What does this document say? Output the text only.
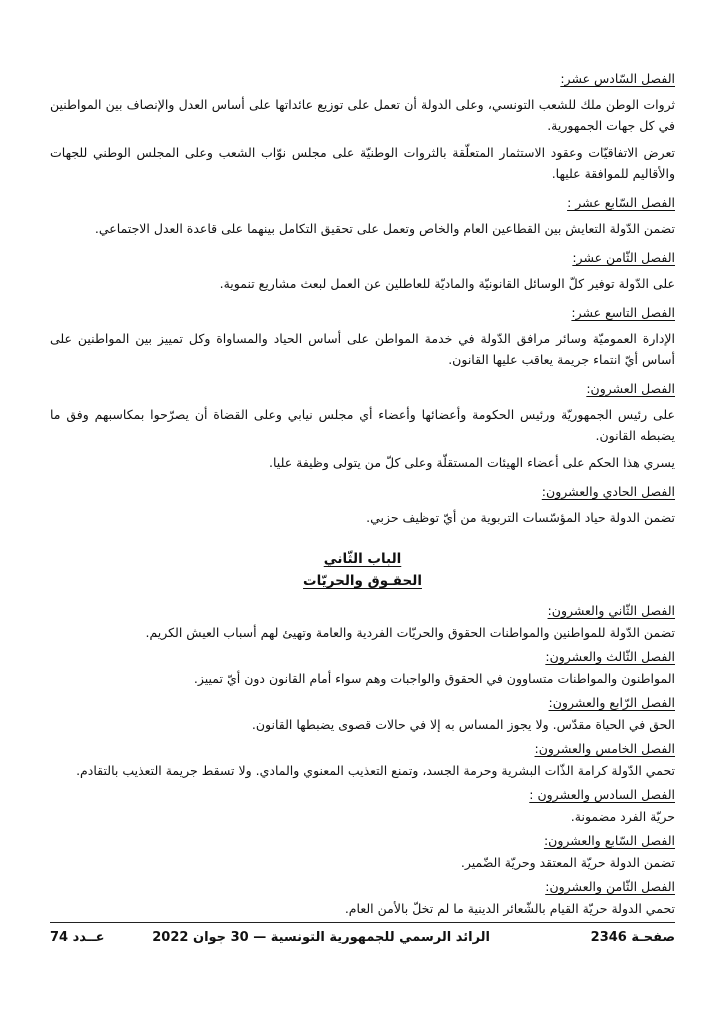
الفصل السّادس عشر:

ثروات الوطن ملك للشعب التونسي، وعلى الدولة أن تعمل على توزيع عائداتها على أساس العدل والإنصاف بين المواطنين في كل جهات الجمهورية.

تعرض الاتفاقيّات وعقود الاستثمار المتعلّقة بالثروات الوطنيّة على مجلس نوّاب الشعب وعلى المجلس الوطني للجهات والأقاليم للموافقة عليها.

الفصل السّابع عشر :

تضمن الدّولة التعايش بين القطاعين العام والخاص وتعمل على تحقيق التكامل بينهما على قاعدة العدل الاجتماعي.

الفصل الثّامن عشر:

على الدّولة توفير كلّ الوسائل القانونيّة والماديّة للعاطلين عن العمل لبعث مشاريع تنموية.

الفصل التاسع عشر:

الإدارة العموميّة وسائر مرافق الدّولة في خدمة المواطن على أساس الحياد والمساواة وكل تمييز بين المواطنين على أساس أيّ انتماء جريمة يعاقب عليها القانون.

الفصل العشرون:

على رئيس الجمهوريّة ورئيس الحكومة وأعضائها وأعضاء أي مجلس نيابي وعلى القضاة أن يصرّحوا بمكاسبهم وفق ما يضبطه القانون.

يسري هذا الحكم على أعضاء الهيئات المستقلّة وعلى كلّ من يتولى وظيفة عليا.

الفصل الحادي والعشرون:

تضمن الدولة حياد المؤسّسات التربوية من أيّ توظيف حزبي.

الباب الثّاني
الحقـوق والحريّات

الفصل الثّاني والعشرون:

تضمن الدّولة للمواطنين والمواطنات الحقوق والحريّات الفردية والعامة وتهيئ لهم أسباب العيش الكريم.

الفصل الثّالث والعشرون:

المواطنون والمواطنات متساوون في الحقوق والواجبات وهم سواء أمام القانون دون أيّ تمييز.

الفصل الرّابع والعشرون:

الحق في الحياة مقدّس. ولا يجوز المساس به إلا في حالات قصوى يضبطها القانون.

الفصل الخامس والعشرون:

تحمي الدّولة كرامة الذّات البشرية وحرمة الجسد، وتمنع التعذيب المعنوي والمادي. ولا تسقط جريمة التعذيب بالتقادم.

الفصل السادس والعشرون :

حريّة الفرد مضمونة.

الفصل السّابع والعشرون:

تضمن الدولة حريّة المعتقد وحريّة الضّمير.

الفصل الثّامن والعشرون:

تحمي الدولة حريّة القيام بالشّعائر الدينية ما لم تخلّ بالأمن العام.

عــدد 74	الرائد الرسمي للجمهورية التونسية — 30 جوان 2022	صفحـة 2346
